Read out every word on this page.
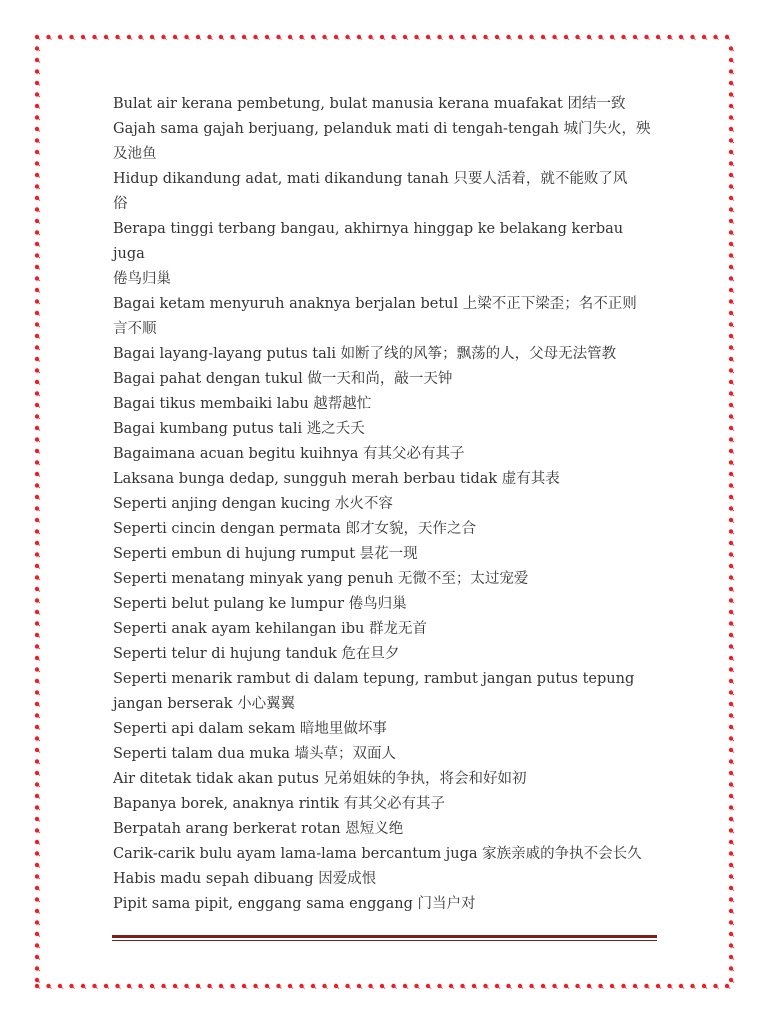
Bulat air kerana pembetung, bulat manusia kerana muafakat 团结一致

Gajah sama gajah berjuang, pelanduk mati di tengah-tengah 城门失火，殃

及池鱼

Hidup dikandung adat, mati dikandung tanah 只要人活着，就不能败了风

俗

Berapa tinggi terbang bangau, akhirnya hinggap ke belakang kerbau juga

倦鸟归巢

Bagai ketam menyuruh anaknya berjalan betul 上梁不正下梁歪；名不正则

言不顺

Bagai layang-layang putus tali 如断了线的风筝；飘荡的人，父母无法管教

Bagai pahat dengan tukul 做一天和尚，敲一天钟

Bagai tikus membaiki labu 越帮越忙

Bagai kumbang putus tali 逃之夭夭

Bagaimana acuan begitu kuihnya 有其父必有其子

Laksana bunga dedap, sungguh merah berbau tidak 虚有其表

Seperti anjing dengan kucing 水火不容

Seperti cincin dengan permata 郎才女貌，天作之合

Seperti embun di hujung rumput 昙花一现

Seperti menatang minyak yang penuh 无微不至；太过宠爱

Seperti belut pulang ke lumpur 倦鸟归巢

Seperti anak ayam kehilangan ibu 群龙无首

Seperti telur di hujung tanduk 危在旦夕

Seperti menarik rambut di dalam tepung, rambut jangan putus tepung

jangan berserak 小心翼翼

Seperti api dalam sekam 暗地里做坏事

Seperti talam dua muka 墙头草；双面人

Air ditetak tidak akan putus 兄弟姐妹的争执，将会和好如初

Bapanya borek, anaknya rintik 有其父必有其子

Berpatah arang berkerat rotan 恩短义绝

Carik-carik bulu ayam lama-lama bercantum juga 家族亲戚的争执不会长久

Habis madu sepah dibuang 因爱成恨

Pipit sama pipit, enggang sama enggang 门当户对
